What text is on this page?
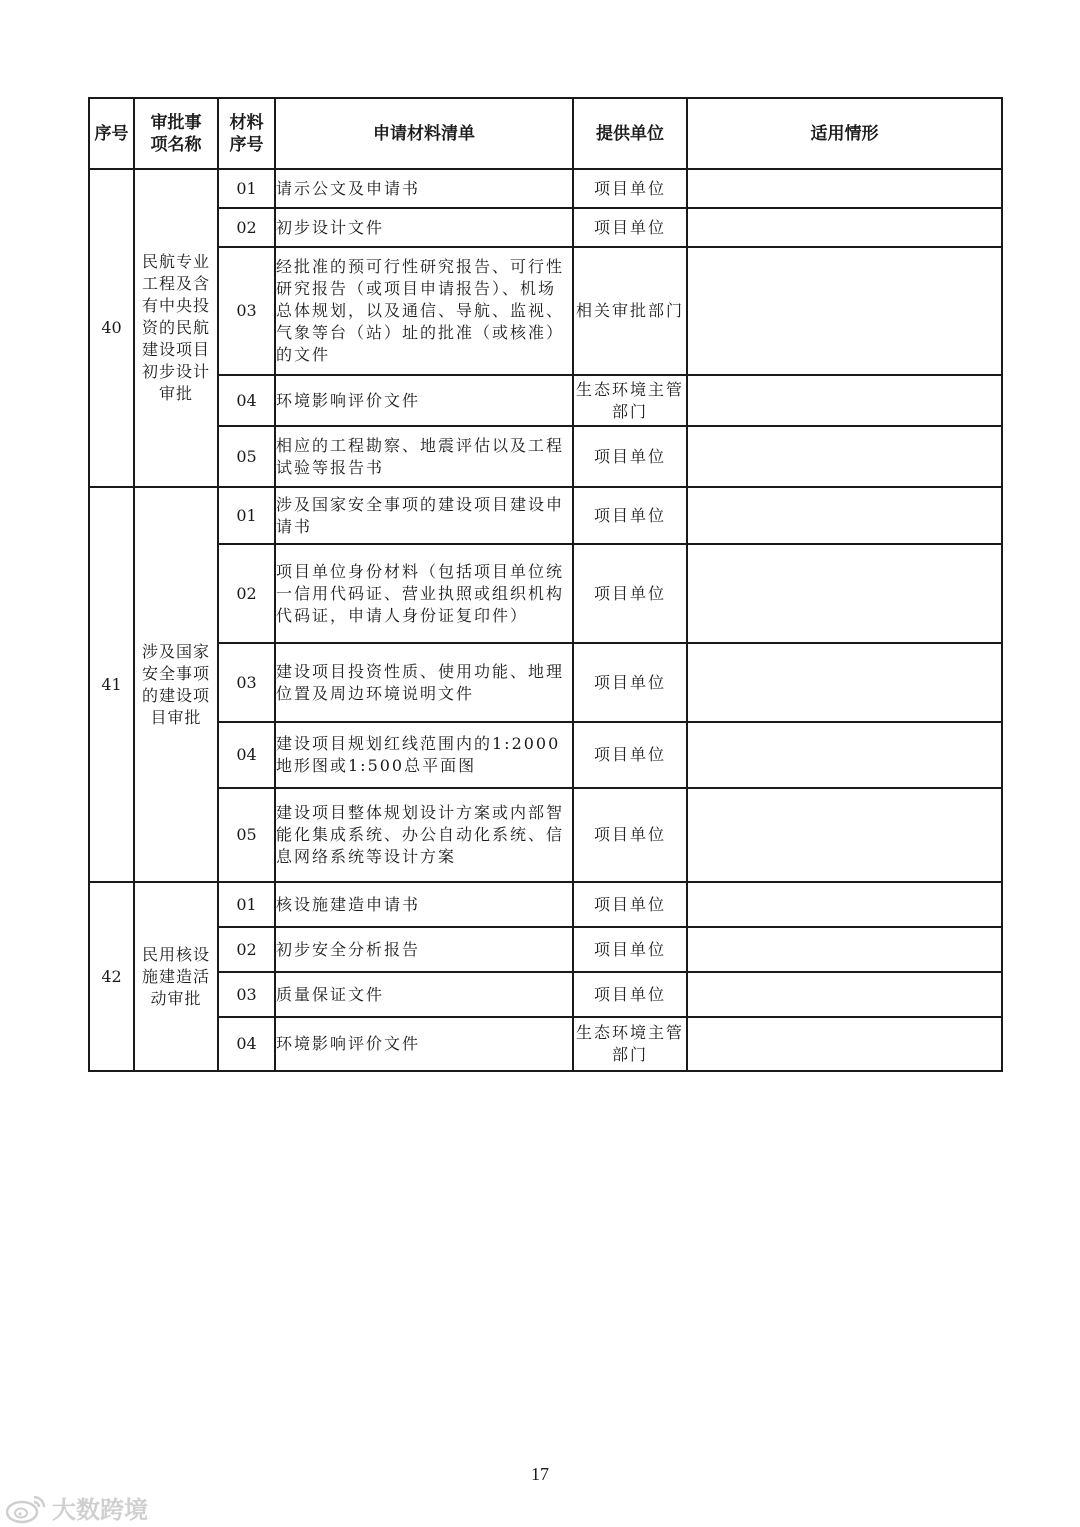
序号	审批事项名称	材料序号	申请材料清单	提供单位	适用情形
40	民航专业工程及含有中央投资的民航建设项目初步设计审批	01	请示公文及申请书	项目单位	
		02	初步设计文件	项目单位	
		03	经批准的预可行性研究报告、可行性研究报告（或项目申请报告）、机场总体规划，以及通信、导航、监视、气象等台（站）址的批准（或核准）的文件	相关审批部门	
		04	环境影响评价文件	生态环境主管部门	
		05	相应的工程勘察、地震评估以及工程试验等报告书	项目单位	
41	涉及国家安全事项的建设项目审批	01	涉及国家安全事项的建设项目建设申请书	项目单位	
		02	项目单位身份材料（包括项目单位统一信用代码证、营业执照或组织机构代码证，申请人身份证复印件）	项目单位	
		03	建设项目投资性质、使用功能、地理位置及周边环境说明文件	项目单位	
		04	建设项目规划红线范围内的1:2000地形图或1:500总平面图	项目单位	
		05	建设项目整体规划设计方案或内部智能化集成系统、办公自动化系统、信息网络系统等设计方案	项目单位	
42	民用核设施建造活动审批	01	核设施建造申请书	项目单位	
		02	初步安全分析报告	项目单位	
		03	质量保证文件	项目单位	
		04	环境影响评价文件	生态环境主管部门	
17
大数跨境
